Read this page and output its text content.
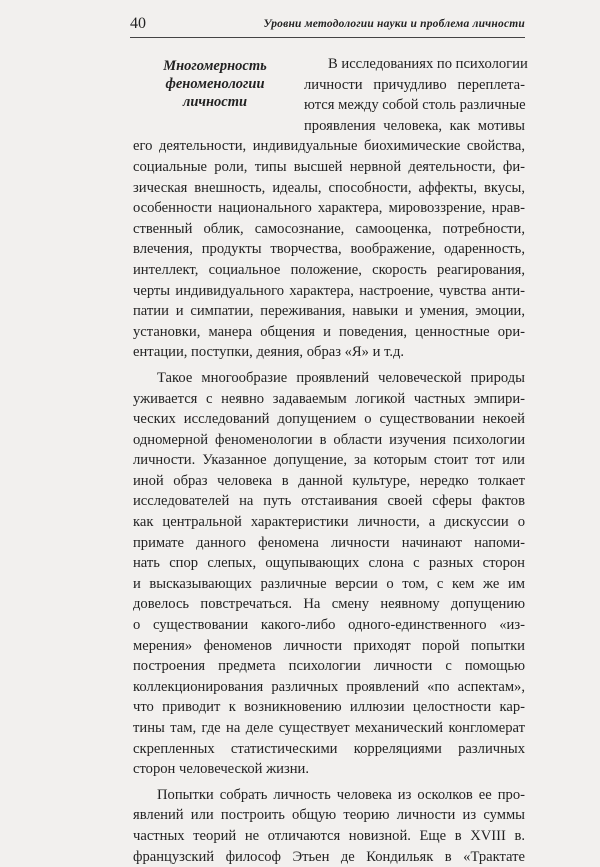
40	Уровни методологии науки и проблема личности
Многомерность
феноменологии
личности
В исследованиях по психологии
личности причудливо переплета-
ются между собой столь различные
проявления человека, как мотивы
его деятельности, индивидуальные биохимические свойства,
социальные роли, типы высшей нервной деятельности, фи-
зическая внешность, идеалы, способности, аффекты, вкусы,
особенности национального характера, мировоззрение, нрав-
ственный облик, самосознание, самооценка, потребности,
влечения, продукты творчества, воображение, одаренность,
интеллект, социальное положение, скорость реагирования,
черты индивидуального характера, настроение, чувства анти-
патии и симпатии, переживания, навыки и умения, эмоции,
установки, манера общения и поведения, ценностные ори-
ентации, поступки, деяния, образ «Я» и т.д.
Такое многообразие проявлений человеческой природы
уживается с неявно задаваемым логикой частных эмпири-
ческих исследований допущением о существовании некоей
одномерной феноменологии в области изучения психологии
личности. Указанное допущение, за которым стоит тот или
иной образ человека в данной культуре, нередко толкает
исследователей на путь отстаивания своей сферы фактов
как центральной характеристики личности, а дискуссии о
примате данного феномена личности начинают напоми-
нать спор слепых, ощупывающих слона с разных сторон
и высказывающих различные версии о том, с кем же им
довелось повстречаться. На смену неявному допущению
о существовании какого-либо одного-единственного «из-
мерения» феноменов личности приходят порой попытки
построения предмета психологии личности с помощью
коллекционирования различных проявлений «по аспектам»,
что приводит к возникновению иллюзии целостности кар-
тины там, где на деле существует механический конгломерат
скрепленных статистическими корреляциями различных
сторон человеческой жизни.
Попытки собрать личность человека из осколков ее про-
явлений или построить общую теорию личности из суммы
частных теорий не отличаются новизной. Еще в XVIII в.
французский философ Этьен де Кондильяк в «Трактате
